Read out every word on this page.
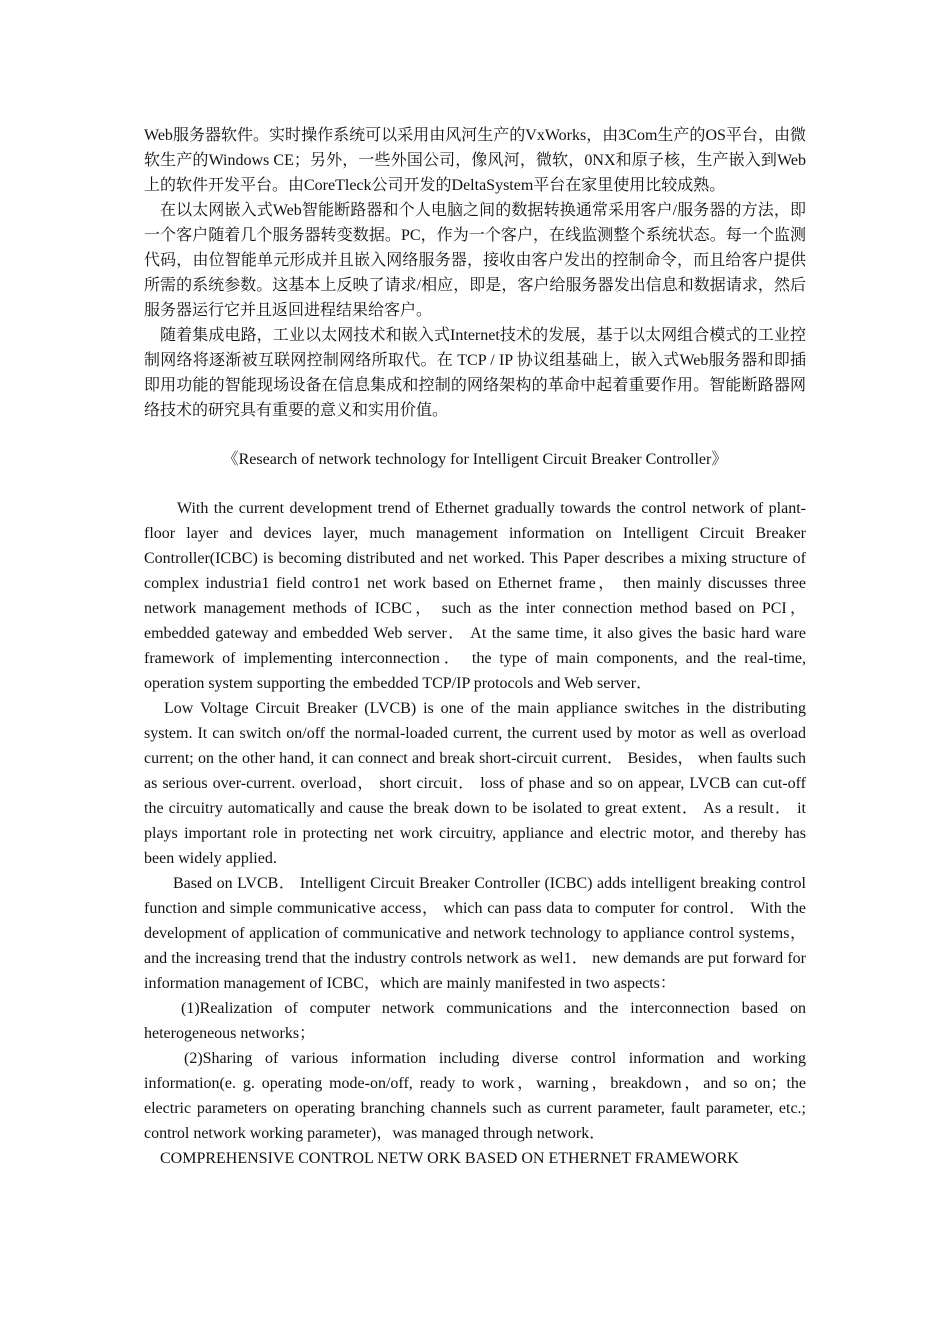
Web服务器软件。实时操作系统可以采用由风河生产的VxWorks，由3Com生产的OS平台，由微软生产的Windows CE；另外，一些外国公司，像风河，微软，0NX和原子核，生产嵌入到Web上的软件开发平台。由CoreTleck公司开发的DeltaSystem平台在家里使用比较成熟。

在以太网嵌入式Web智能断路器和个人电脑之间的数据转换通常采用客户/服务器的方法，即一个客户随着几个服务器转变数据。PC，作为一个客户，在线监测整个系统状态。每一个监测代码，由位智能单元形成并且嵌入网络服务器，接收由客户发出的控制命令，而且给客户提供所需的系统参数。这基本上反映了请求/相应，即是，客户给服务器发出信息和数据请求，然后服务器运行它并且返回进程结果给客户。

随着集成电路，工业以太网技术和嵌入式Internet技术的发展，基于以太网组合模式的工业控制网络将逐渐被互联网控制网络所取代。在 TCP / IP 协议组基础上，嵌入式Web服务器和即插即用功能的智能现场设备在信息集成和控制的网络架构的革命中起着重要作用。智能断路器网络技术的研究具有重要的意义和实用价值。

《Research of network technology for Intelligent Circuit Breaker Controller》

With the current development trend of Ethernet gradually towards the control network of plant-floor layer and devices layer, much management information on Intelligent Circuit Breaker Controller(ICBC) is becoming distributed and net worked. This Paper describes a mixing structure of complex industria1 field contro1 net work based on Ethernet frame， then mainly discusses three network management methods of ICBC， such as the inter connection method based on PCI， embedded gateway and embedded Web server． At the same time, it also gives the basic hard ware framework of implementing interconnection． the type of main components, and the real-time, operation system supporting the embedded TCP/IP protocols and Web server．

Low Voltage Circuit Breaker (LVCB) is one of the main appliance switches in the distributing system. It can switch on/off the normal-loaded current, the current used by motor as well as overload current; on the other hand, it can connect and break short-circuit current． Besides， when faults such as serious over-current. overload， short circuit． loss of phase and so on appear, LVCB can cut-off the circuitry automatically and cause the break down to be isolated to great extent． As a result． it plays important role in protecting net work circuitry, appliance and electric motor, and thereby has been widely applied.

Based on LVCB． Intelligent Circuit Breaker Controller (ICBC) adds intelligent breaking control function and simple communicative access， which can pass data to computer for control． With the development of application of communicative and network technology to appliance control systems， and the increasing trend that the industry controls network as wel1． new demands are put forward for information management of ICBC，which are mainly manifested in two aspects：

(1)Realization of computer network communications and the interconnection based on heterogeneous networks；

(2)Sharing of various information including diverse control information and working information(e. g. operating mode-on/off, ready to work，warning，breakdown，and so on；the electric parameters on operating branching channels such as current parameter, fault parameter, etc.; control network working parameter)，was managed through network．

COMPREHENSIVE CONTROL NETW ORK BASED ON ETHERNET FRAMEWORK
